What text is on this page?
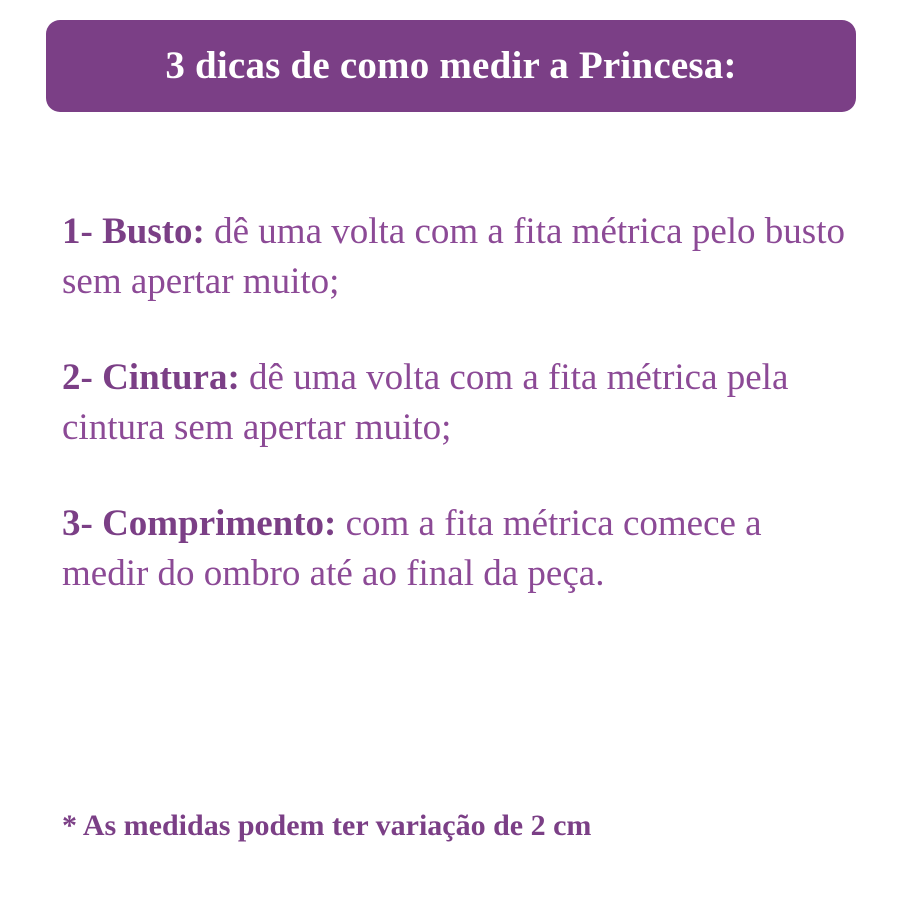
3 dicas de como medir a Princesa:

1- Busto: dê uma volta com a fita métrica pelo busto sem apertar muito;

2- Cintura: dê uma volta com a fita métrica pela cintura sem apertar muito;

3- Comprimento: com a fita métrica comece a medir do ombro até ao final da peça.

* As medidas podem ter variação de 2 cm
